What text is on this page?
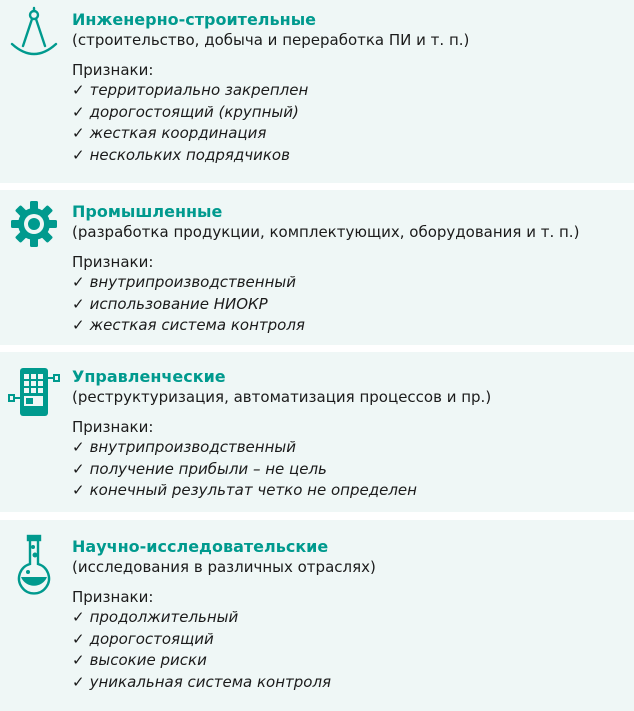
Инженерно-строительные
(строительство, добыча и переработка ПИ и т. п.)
Признаки:
✓ территориально закреплен
✓ дорогостоящий (крупный)
✓ жесткая координация
✓ нескольких подрядчиков
Промышленные
(разработка продукции, комплектующих, оборудования и т. п.)
Признаки:
✓ внутрипроизводственный
✓ использование НИОКР
✓ жесткая система контроля
Управленческие
(реструктуризация, автоматизация процессов и пр.)
Признаки:
✓ внутрипроизводственный
✓ получение прибыли – не цель
✓ конечный результат четко не определен
Научно-исследовательские
(исследования в различных отраслях)
Признаки:
✓ продолжительный
✓ дорогостоящий
✓ высокие риски
✓ уникальная система контроля
